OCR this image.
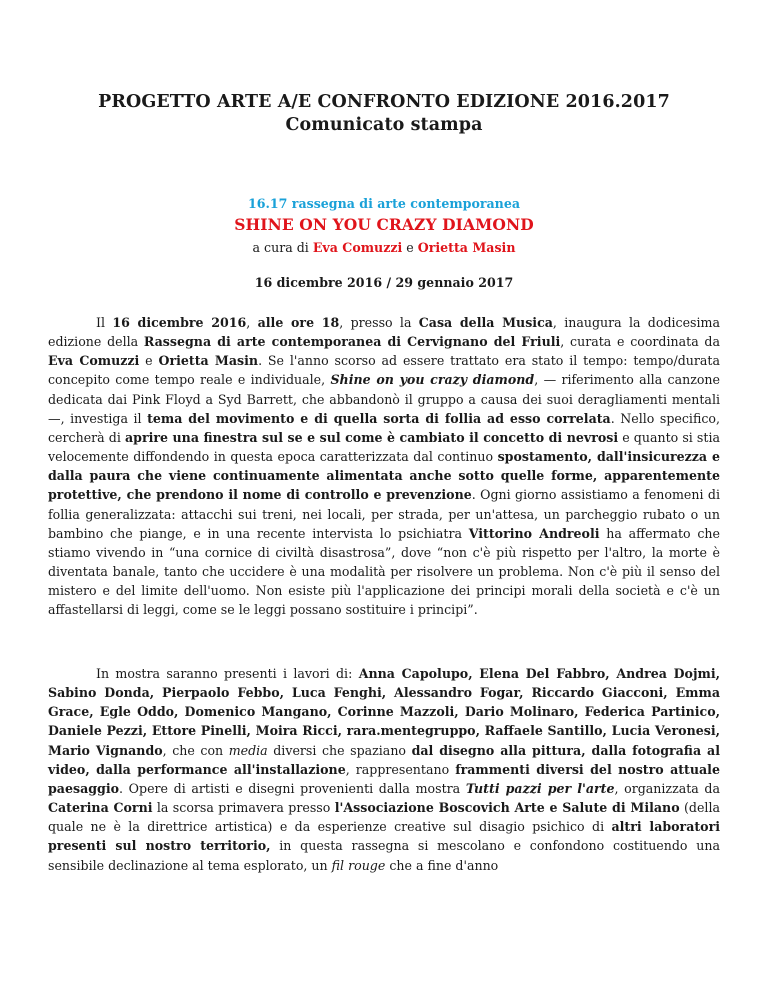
PROGETTO ARTE A/E CONFRONTO EDIZIONE 2016.2017
Comunicato stampa
16.17 rassegna di arte contemporanea
SHINE ON YOU CRAZY DIAMOND
a cura di Eva Comuzzi e Orietta Masin
16 dicembre 2016 / 29 gennaio 2017
Il 16 dicembre 2016, alle ore 18, presso la Casa della Musica, inaugura la dodicesima edizione della Rassegna di arte contemporanea di Cervignano del Friuli, curata e coordinata da Eva Comuzzi e Orietta Masin. Se l'anno scorso ad essere trattato era stato il tempo: tempo/durata concepito come tempo reale e individuale, Shine on you crazy diamond, — riferimento alla canzone dedicata dai Pink Floyd a Syd Barrett, che abbandonò il gruppo a causa dei suoi deragliamenti mentali —, investiga il tema del movimento e di quella sorta di follia ad esso correlata. Nello specifico, cercherà di aprire una finestra sul se e sul come è cambiato il concetto di nevrosi e quanto si stia velocemente diffondendo in questa epoca caratterizzata dal continuo spostamento, dall'insicurezza e dalla paura che viene continuamente alimentata anche sotto quelle forme, apparentemente protettive, che prendono il nome di controllo e prevenzione. Ogni giorno assistiamo a fenomeni di follia generalizzata: attacchi sui treni, nei locali, per strada, per un'attesa, un parcheggio rubato o un bambino che piange, e in una recente intervista lo psichiatra Vittorino Andreoli ha affermato che stiamo vivendo in “una cornice di civiltà disastrosa”, dove “non c'è più rispetto per l'altro, la morte è diventata banale, tanto che uccidere è una modalità per risolvere un problema. Non c'è più il senso del mistero e del limite dell'uomo. Non esiste più l'applicazione dei principi morali della società e c'è un affastellarsi di leggi, come se le leggi possano sostituire i principi”.
In mostra saranno presenti i lavori di: Anna Capolupo, Elena Del Fabbro, Andrea Dojmi, Sabino Donda, Pierpaolo Febbo, Luca Fenghi, Alessandro Fogar, Riccardo Giacconi, Emma Grace, Egle Oddo, Domenico Mangano, Corinne Mazzoli, Dario Molinaro, Federica Partinico, Daniele Pezzi, Ettore Pinelli, Moira Ricci, rara.mentegruppo, Raffaele Santillo, Lucia Veronesi, Mario Vignando, che con media diversi che spaziano dal disegno alla pittura, dalla fotografia al video, dalla performance all'installazione, rappresentano frammenti diversi del nostro attuale paesaggio. Opere di artisti e disegni provenienti dalla mostra Tutti pazzi per l'arte, organizzata da Caterina Corni la scorsa primavera presso l'Associazione Boscovich Arte e Salute di Milano (della quale ne è la direttrice artistica) e da esperienze creative sul disagio psichico di altri laboratori presenti sul nostro territorio, in questa rassegna si mescolano e confondono costituendo una sensibile declinazione al tema esplorato, un fil rouge che a fine d'anno
